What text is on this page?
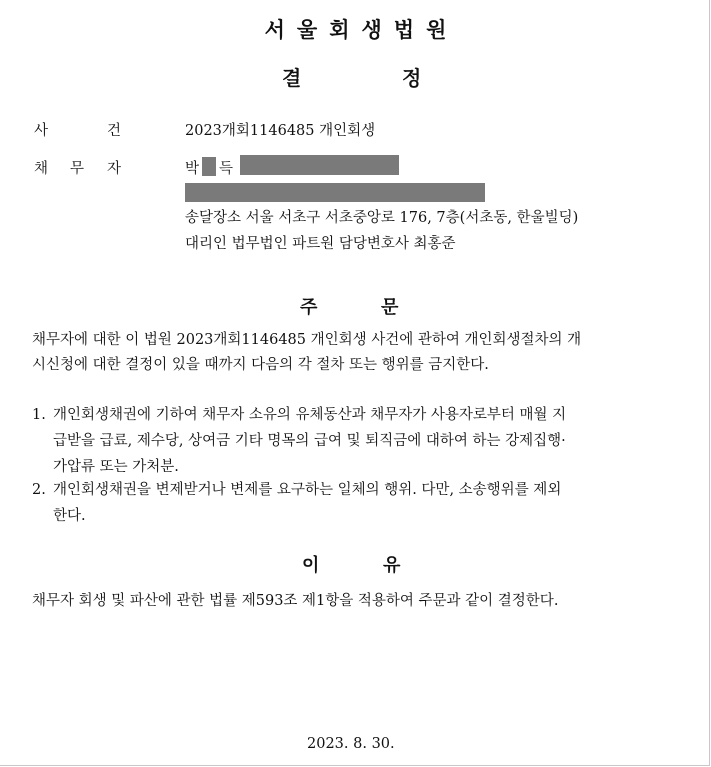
서울회생법원
결	정
사	건	2023개회1146485 개인회생
채 무 자	박 득
송달장소 서울 서초구 서초중앙로 176, 7층(서초동, 한울빌딩)
대리인 법무법인 파트원 담당변호사 최홍준
주	문
채무자에 대한 이 법원 2023개회1146485 개인회생 사건에 관하여 개인회생절차의 개
시신청에 대한 결정이 있을 때까지 다음의 각 절차 또는 행위를 금지한다.
1. 개인회생채권에 기하여 채무자 소유의 유체동산과 채무자가 사용자로부터 매월 지
급받을 급료, 제수당, 상여금 기타 명목의 급여 및 퇴직금에 대하여 하는 강제집행·
가압류 또는 가처분.
2. 개인회생채권을 변제받거나 변제를 요구하는 일체의 행위. 다만, 소송행위를 제외
한다.
이	유
채무자 회생 및 파산에 관한 법률 제593조 제1항을 적용하여 주문과 같이 결정한다.
2023. 8. 30.
